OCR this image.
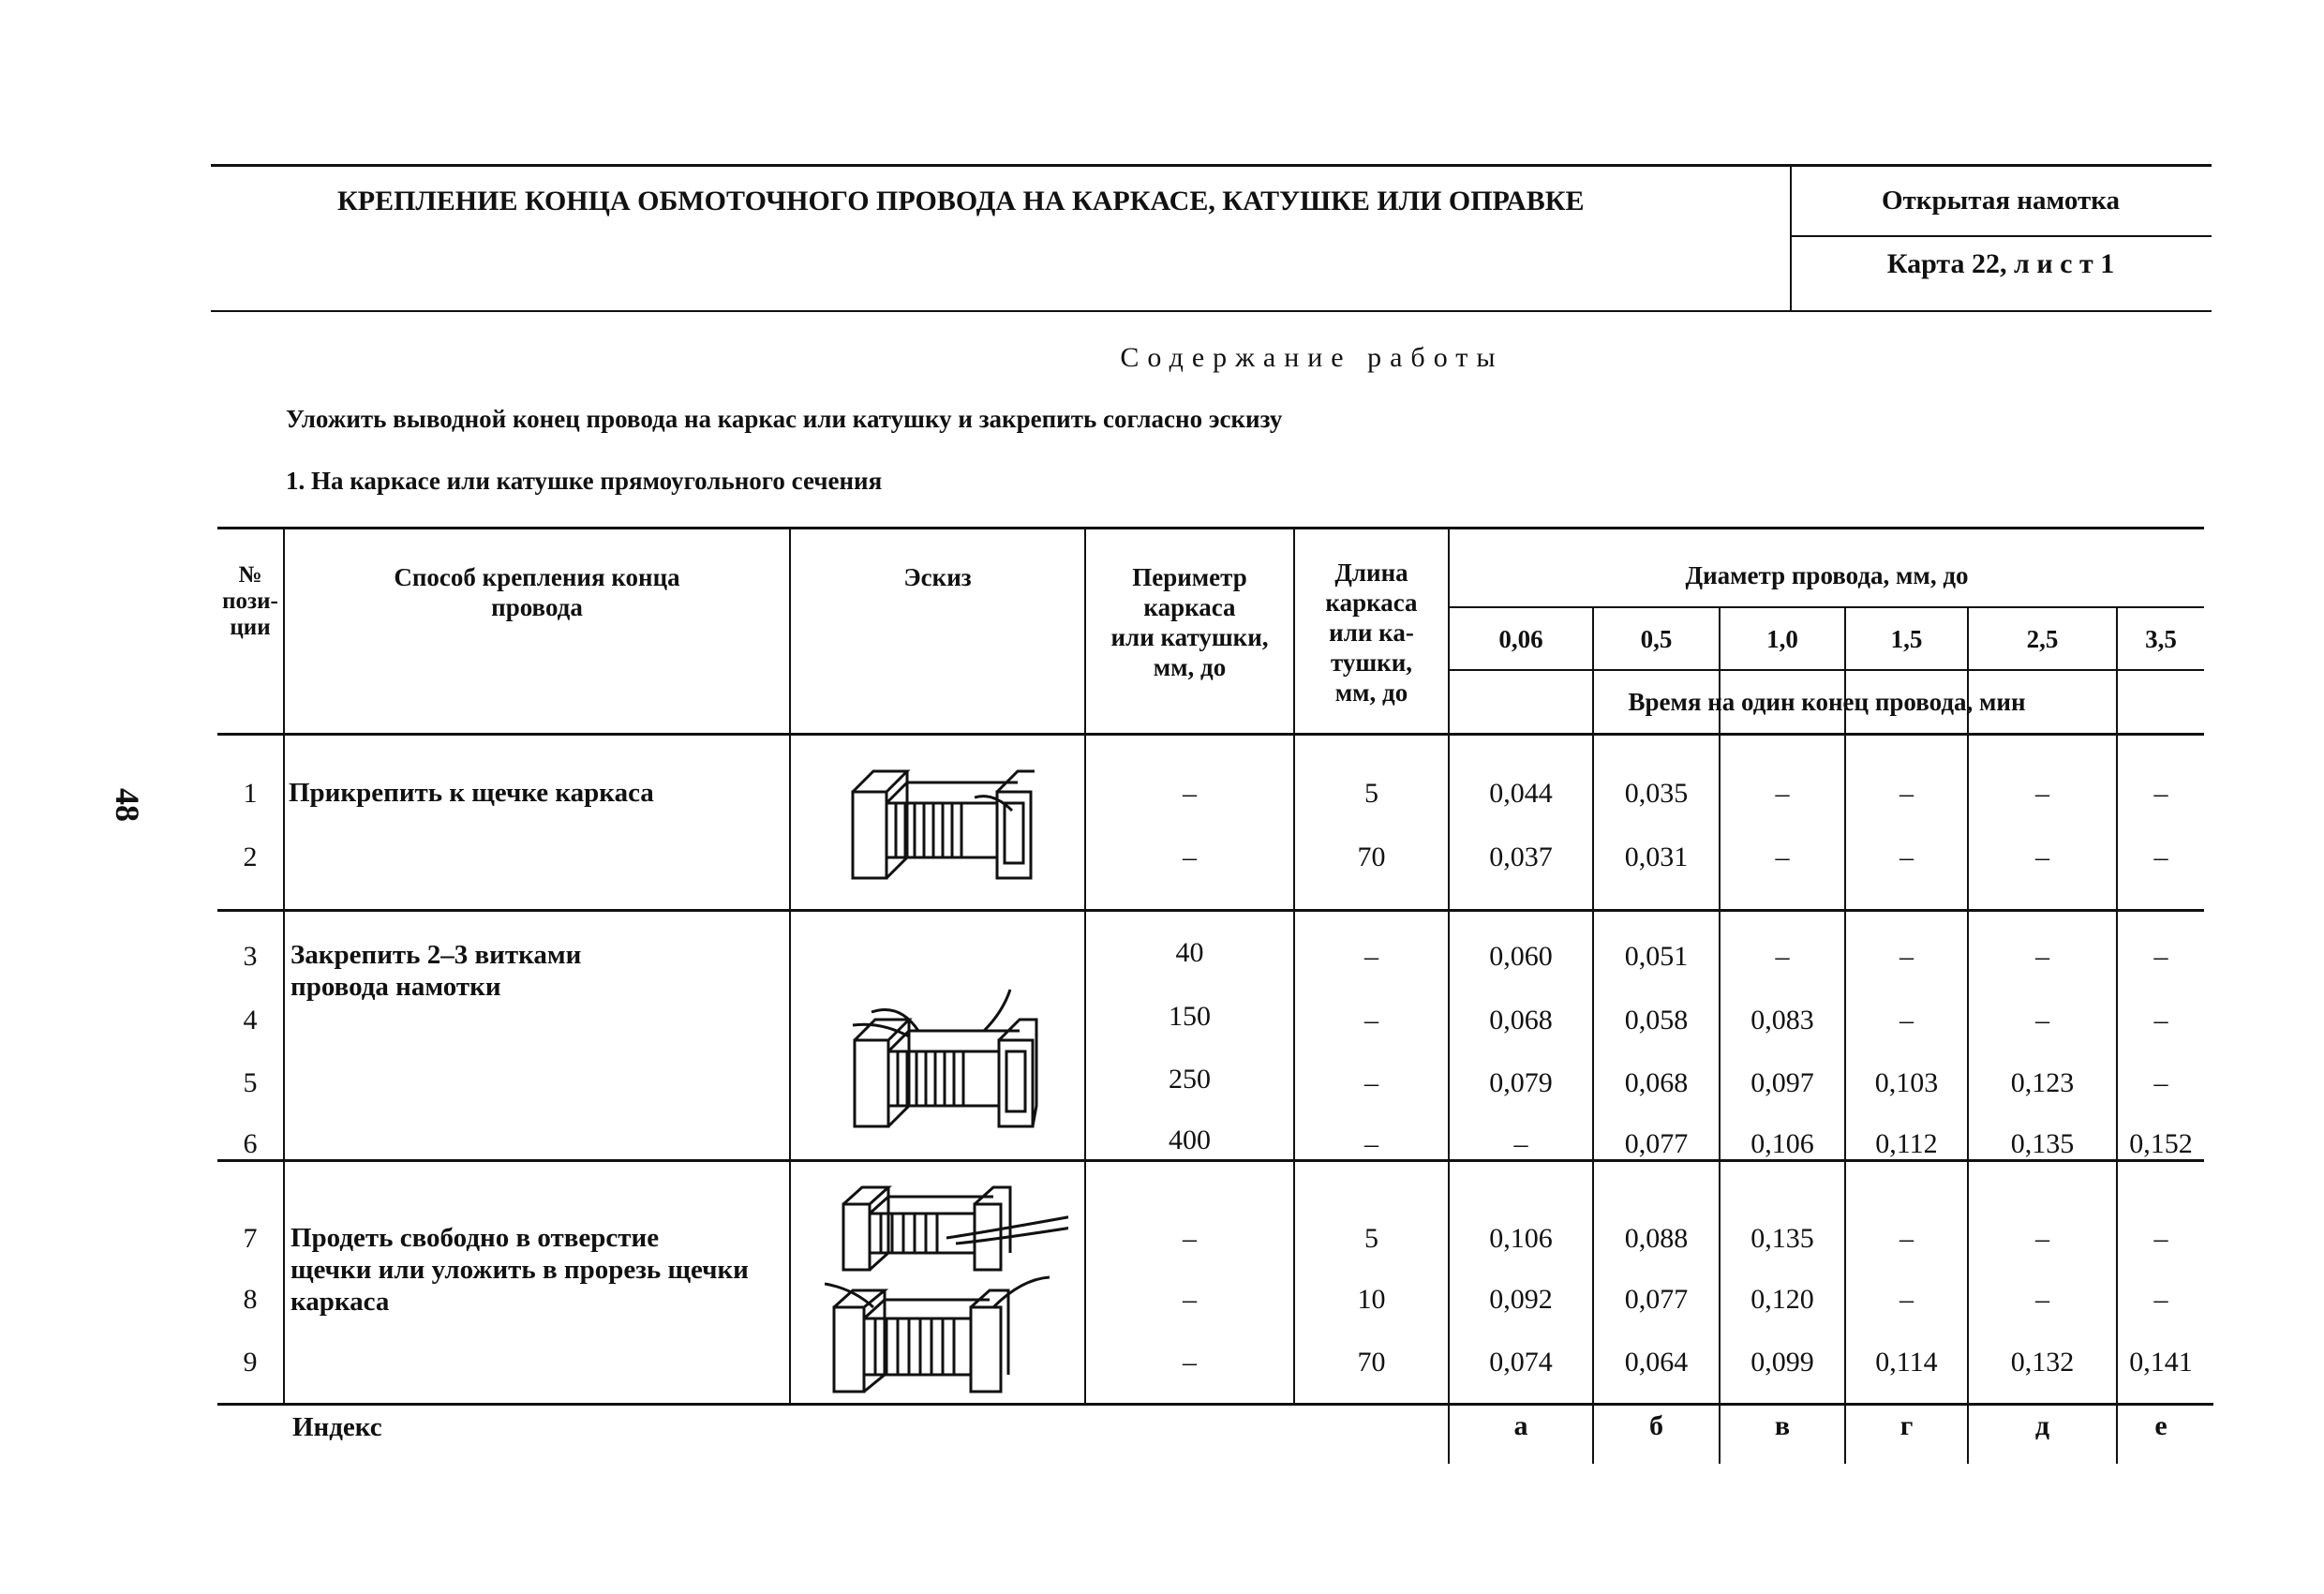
48
КРЕПЛЕНИЕ КОНЦА ОБМОТОЧНОГО ПРОВОДА НА КАРКАСЕ, КАТУШКЕ ИЛИ ОПРАВКЕ	Открытая намотка
Карта 22, л и с т 1
Содержание работы
Уложить выводной конец провода на каркас или катушку и закрепить согласно эскизу
1. На каркасе или катушке прямоугольного сечения
№
пози-
ции
Способ крепления конца
провода
Эскиз	Периметр
каркаса
или катушки,
мм, до
Длина
каркаса
или ка-
тушки,
мм, до
Диаметр провода, мм, до
0,06	0,5	1,0	1,5	2,5	3,5
Время на один конец провода, мин
Прикрепить к щечке каркаса
1	–	5	0,044	0,035	–	–	–	–
2	–	70	0,037	0,031	–	–	–	–
Закрепить 2–3 витками
провода намотки
3	40	–	0,060	0,051	–	–	–	–
4	150	–	0,068	0,058	0,083	–	–	–
5	250	–	0,079	0,068	0,097	0,103	0,123	–
6	400	–	–	0,077	0,106	0,112	0,135	0,152
Продеть свободно в отверстие
щечки или уложить в прорезь щечки
каркаса
7	–	5	0,106	0,088	0,135	–	–	–
8	–	10	0,092	0,077	0,120	–	–	–
9	–	70	0,074	0,064	0,099	0,114	0,132	0,141
Индекс	а	б	в	г	д	е
